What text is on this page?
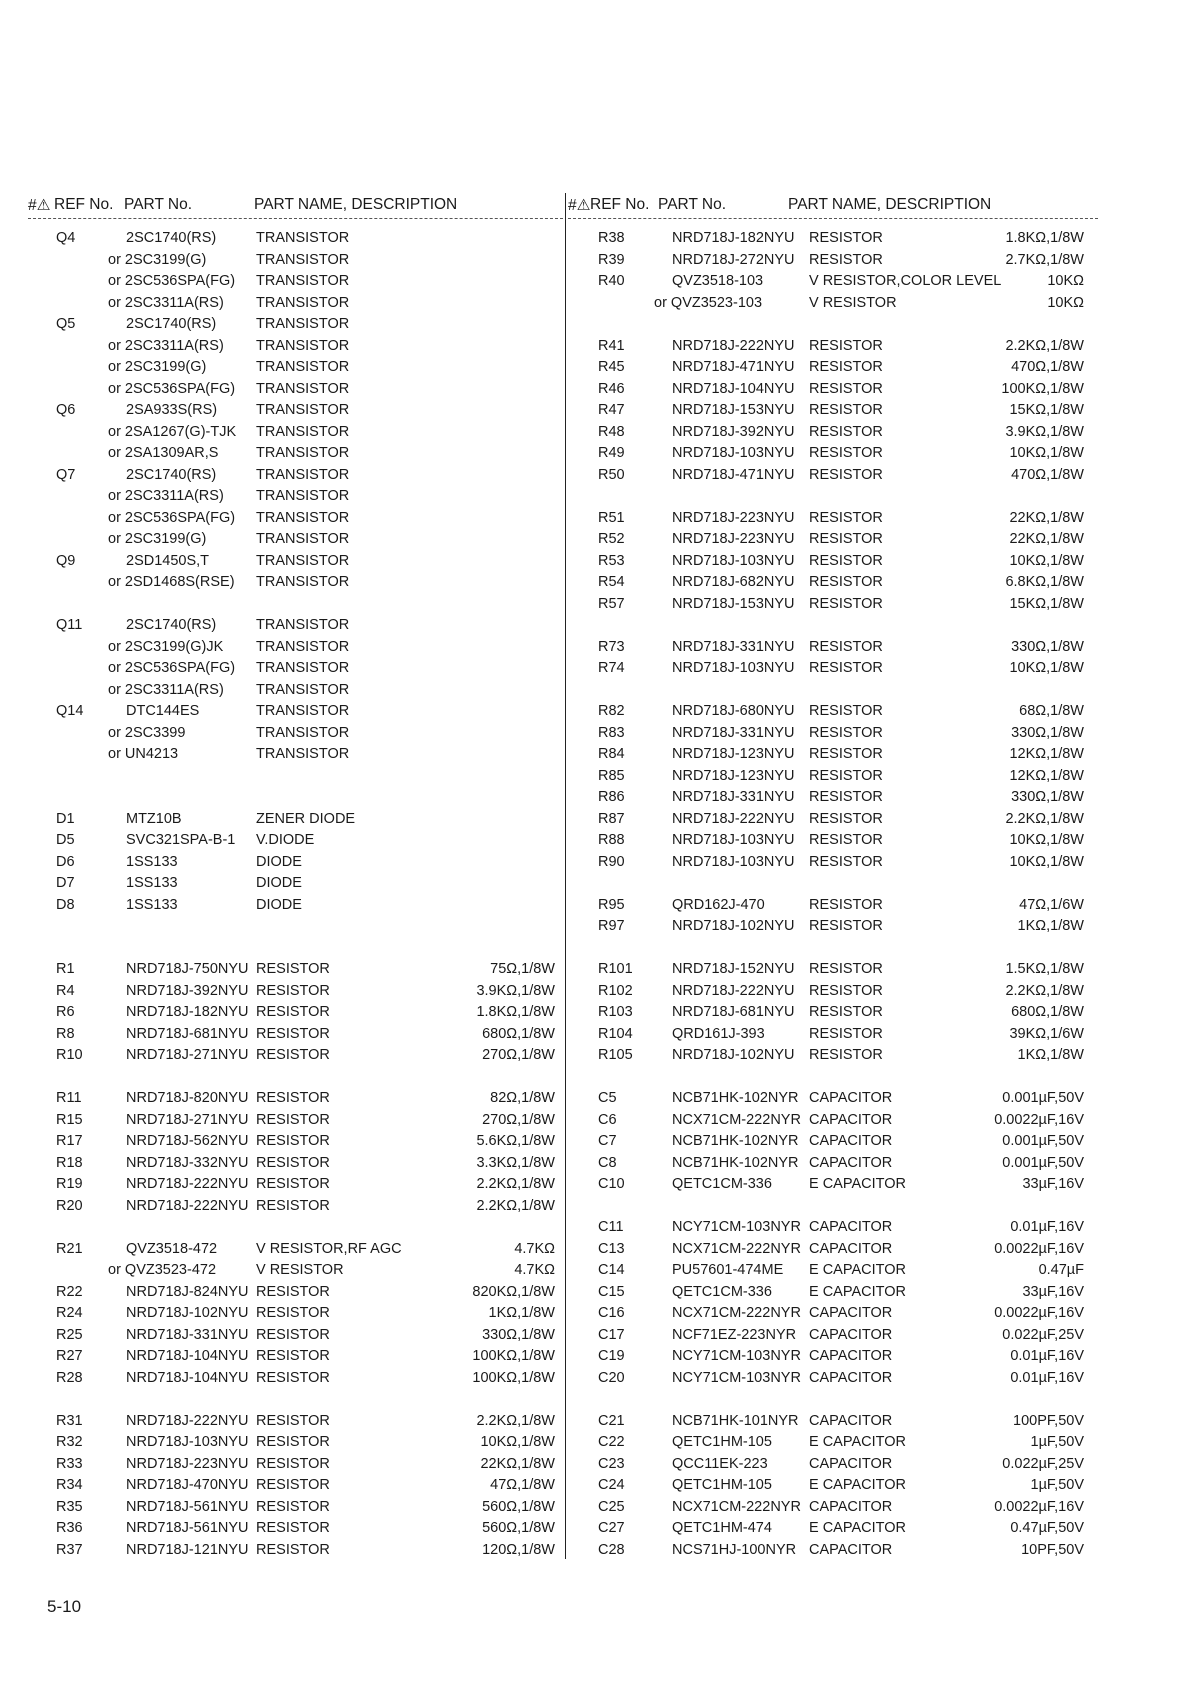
#⚠ REF No. PART No.	PART NAME, DESCRIPTION
Q4	2SC1740(RS)	TRANSISTOR
or 2SC3199(G)	TRANSISTOR
or 2SC536SPA(FG) TRANSISTOR
or 2SC3311A(RS) TRANSISTOR
Q5	2SC1740(RS)	TRANSISTOR
or 2SC3311A(RS) TRANSISTOR
or 2SC3199(G)	TRANSISTOR
or 2SC536SPA(FG) TRANSISTOR
Q6	2SA933S(RS)	TRANSISTOR
or 2SA1267(G)-TJK TRANSISTOR
or 2SA1309AR,S	TRANSISTOR
Q7	2SC1740(RS)	TRANSISTOR
or 2SC3311A(RS) TRANSISTOR
or 2SC536SPA(FG) TRANSISTOR
or 2SC3199(G)	TRANSISTOR
Q9	2SD1450S,T	TRANSISTOR
or 2SD1468S(RSE) TRANSISTOR
Q11	2SC1740(RS)	TRANSISTOR
or 2SC3199(G)JK TRANSISTOR
or 2SC536SPA(FG) TRANSISTOR
or 2SC3311A(RS) TRANSISTOR
Q14	DTC144ES	TRANSISTOR
or 2SC3399	TRANSISTOR
or UN4213	TRANSISTOR
D1	MTZ10B	ZENER DIODE
D5	SVC321SPA-B-1 V.DIODE
D6	1SS133	DIODE
D7	1SS133	DIODE
D8	1SS133	DIODE
R1	NRD718J-750NYU RESISTOR	75Ω,1/8W
R4	NRD718J-392NYU RESISTOR	3.9KΩ,1/8W
R6	NRD718J-182NYU RESISTOR	1.8KΩ,1/8W
R8	NRD718J-681NYU RESISTOR	680Ω,1/8W
R10	NRD718J-271NYU RESISTOR	270Ω,1/8W
R11	NRD718J-820NYU RESISTOR	82Ω,1/8W
R15	NRD718J-271NYU RESISTOR	270Ω,1/8W
R17	NRD718J-562NYU RESISTOR	5.6KΩ,1/8W
R18	NRD718J-332NYU RESISTOR	3.3KΩ,1/8W
R19	NRD718J-222NYU RESISTOR	2.2KΩ,1/8W
R20	NRD718J-222NYU RESISTOR	2.2KΩ,1/8W
R21	QVZ3518-472	V RESISTOR,RF AGC	4.7KΩ
or QVZ3523-472	V RESISTOR	4.7KΩ
R22	NRD718J-824NYU RESISTOR	820KΩ,1/8W
R24	NRD718J-102NYU RESISTOR	1KΩ,1/8W
R25	NRD718J-331NYU RESISTOR	330Ω,1/8W
R27	NRD718J-104NYU RESISTOR	100KΩ,1/8W
R28	NRD718J-104NYU RESISTOR	100KΩ,1/8W
R31	NRD718J-222NYU RESISTOR	2.2KΩ,1/8W
R32	NRD718J-103NYU RESISTOR	10KΩ,1/8W
R33	NRD718J-223NYU RESISTOR	22KΩ,1/8W
R34	NRD718J-470NYU RESISTOR	47Ω,1/8W
R35	NRD718J-561NYU RESISTOR	560Ω,1/8W
R36	NRD718J-561NYU RESISTOR	560Ω,1/8W
R37	NRD718J-121NYU RESISTOR	120Ω,1/8W
#⚠ REF No. PART No.	PART NAME, DESCRIPTION
R38	NRD718J-182NYU RESISTOR	1.8KΩ,1/8W
R39	NRD718J-272NYU RESISTOR	2.7KΩ,1/8W
R40	QVZ3518-103	V RESISTOR,COLOR LEVEL	10KΩ
or QVZ3523-103	V RESISTOR	10KΩ
R41	NRD718J-222NYU RESISTOR	2.2KΩ,1/8W
R45	NRD718J-471NYU RESISTOR	470Ω,1/8W
R46	NRD718J-104NYU RESISTOR	100KΩ,1/8W
R47	NRD718J-153NYU RESISTOR	15KΩ,1/8W
R48	NRD718J-392NYU RESISTOR	3.9KΩ,1/8W
R49	NRD718J-103NYU RESISTOR	10KΩ,1/8W
R50	NRD718J-471NYU RESISTOR	470Ω,1/8W
R51	NRD718J-223NYU RESISTOR	22KΩ,1/8W
R52	NRD718J-223NYU RESISTOR	22KΩ,1/8W
R53	NRD718J-103NYU RESISTOR	10KΩ,1/8W
R54	NRD718J-682NYU RESISTOR	6.8KΩ,1/8W
R57	NRD718J-153NYU RESISTOR	15KΩ,1/8W
R73	NRD718J-331NYU RESISTOR	330Ω,1/8W
R74	NRD718J-103NYU RESISTOR	10KΩ,1/8W
R82	NRD718J-680NYU RESISTOR	68Ω,1/8W
R83	NRD718J-331NYU RESISTOR	330Ω,1/8W
R84	NRD718J-123NYU RESISTOR	12KΩ,1/8W
R85	NRD718J-123NYU RESISTOR	12KΩ,1/8W
R86	NRD718J-331NYU RESISTOR	330Ω,1/8W
R87	NRD718J-222NYU RESISTOR	2.2KΩ,1/8W
R88	NRD718J-103NYU RESISTOR	10KΩ,1/8W
R90	NRD718J-103NYU RESISTOR	10KΩ,1/8W
R95	QRD162J-470	RESISTOR	47Ω,1/6W
R97	NRD718J-102NYU RESISTOR	1KΩ,1/8W
R101	NRD718J-152NYU RESISTOR	1.5KΩ,1/8W
R102	NRD718J-222NYU RESISTOR	2.2KΩ,1/8W
R103	NRD718J-681NYU RESISTOR	680Ω,1/8W
R104	QRD161J-393	RESISTOR	39KΩ,1/6W
R105	NRD718J-102NYU RESISTOR	1KΩ,1/8W
C5	NCB71HK-102NYR CAPACITOR	0.001µF,50V
C6	NCX71CM-222NYR CAPACITOR	0.0022µF,16V
C7	NCB71HK-102NYR CAPACITOR	0.001µF,50V
C8	NCB71HK-102NYR CAPACITOR	0.001µF,50V
C10	QETC1CM-336	E CAPACITOR	33µF,16V
C11	NCY71CM-103NYR CAPACITOR	0.01µF,16V
C13	NCX71CM-222NYR CAPACITOR	0.0022µF,16V
C14	PU57601-474ME E CAPACITOR	0.47µF
C15	QETC1CM-336	E CAPACITOR	33µF,16V
C16	NCX71CM-222NYR CAPACITOR	0.0022µF,16V
C17	NCF71EZ-223NYR CAPACITOR	0.022µF,25V
C19	NCY71CM-103NYR CAPACITOR	0.01µF,16V
C20	NCY71CM-103NYR CAPACITOR	0.01µF,16V
C21	NCB71HK-101NYR CAPACITOR	100PF,50V
C22	QETC1HM-105	E CAPACITOR	1µF,50V
C23	QCC11EK-223	CAPACITOR	0.022µF,25V
C24	QETC1HM-105	E CAPACITOR	1µF,50V
C25	NCX71CM-222NYR CAPACITOR	0.0022µF,16V
C27	QETC1HM-474	E CAPACITOR	0.47µF,50V
C28	NCS71HJ-100NYR CAPACITOR	10PF,50V
5-10
